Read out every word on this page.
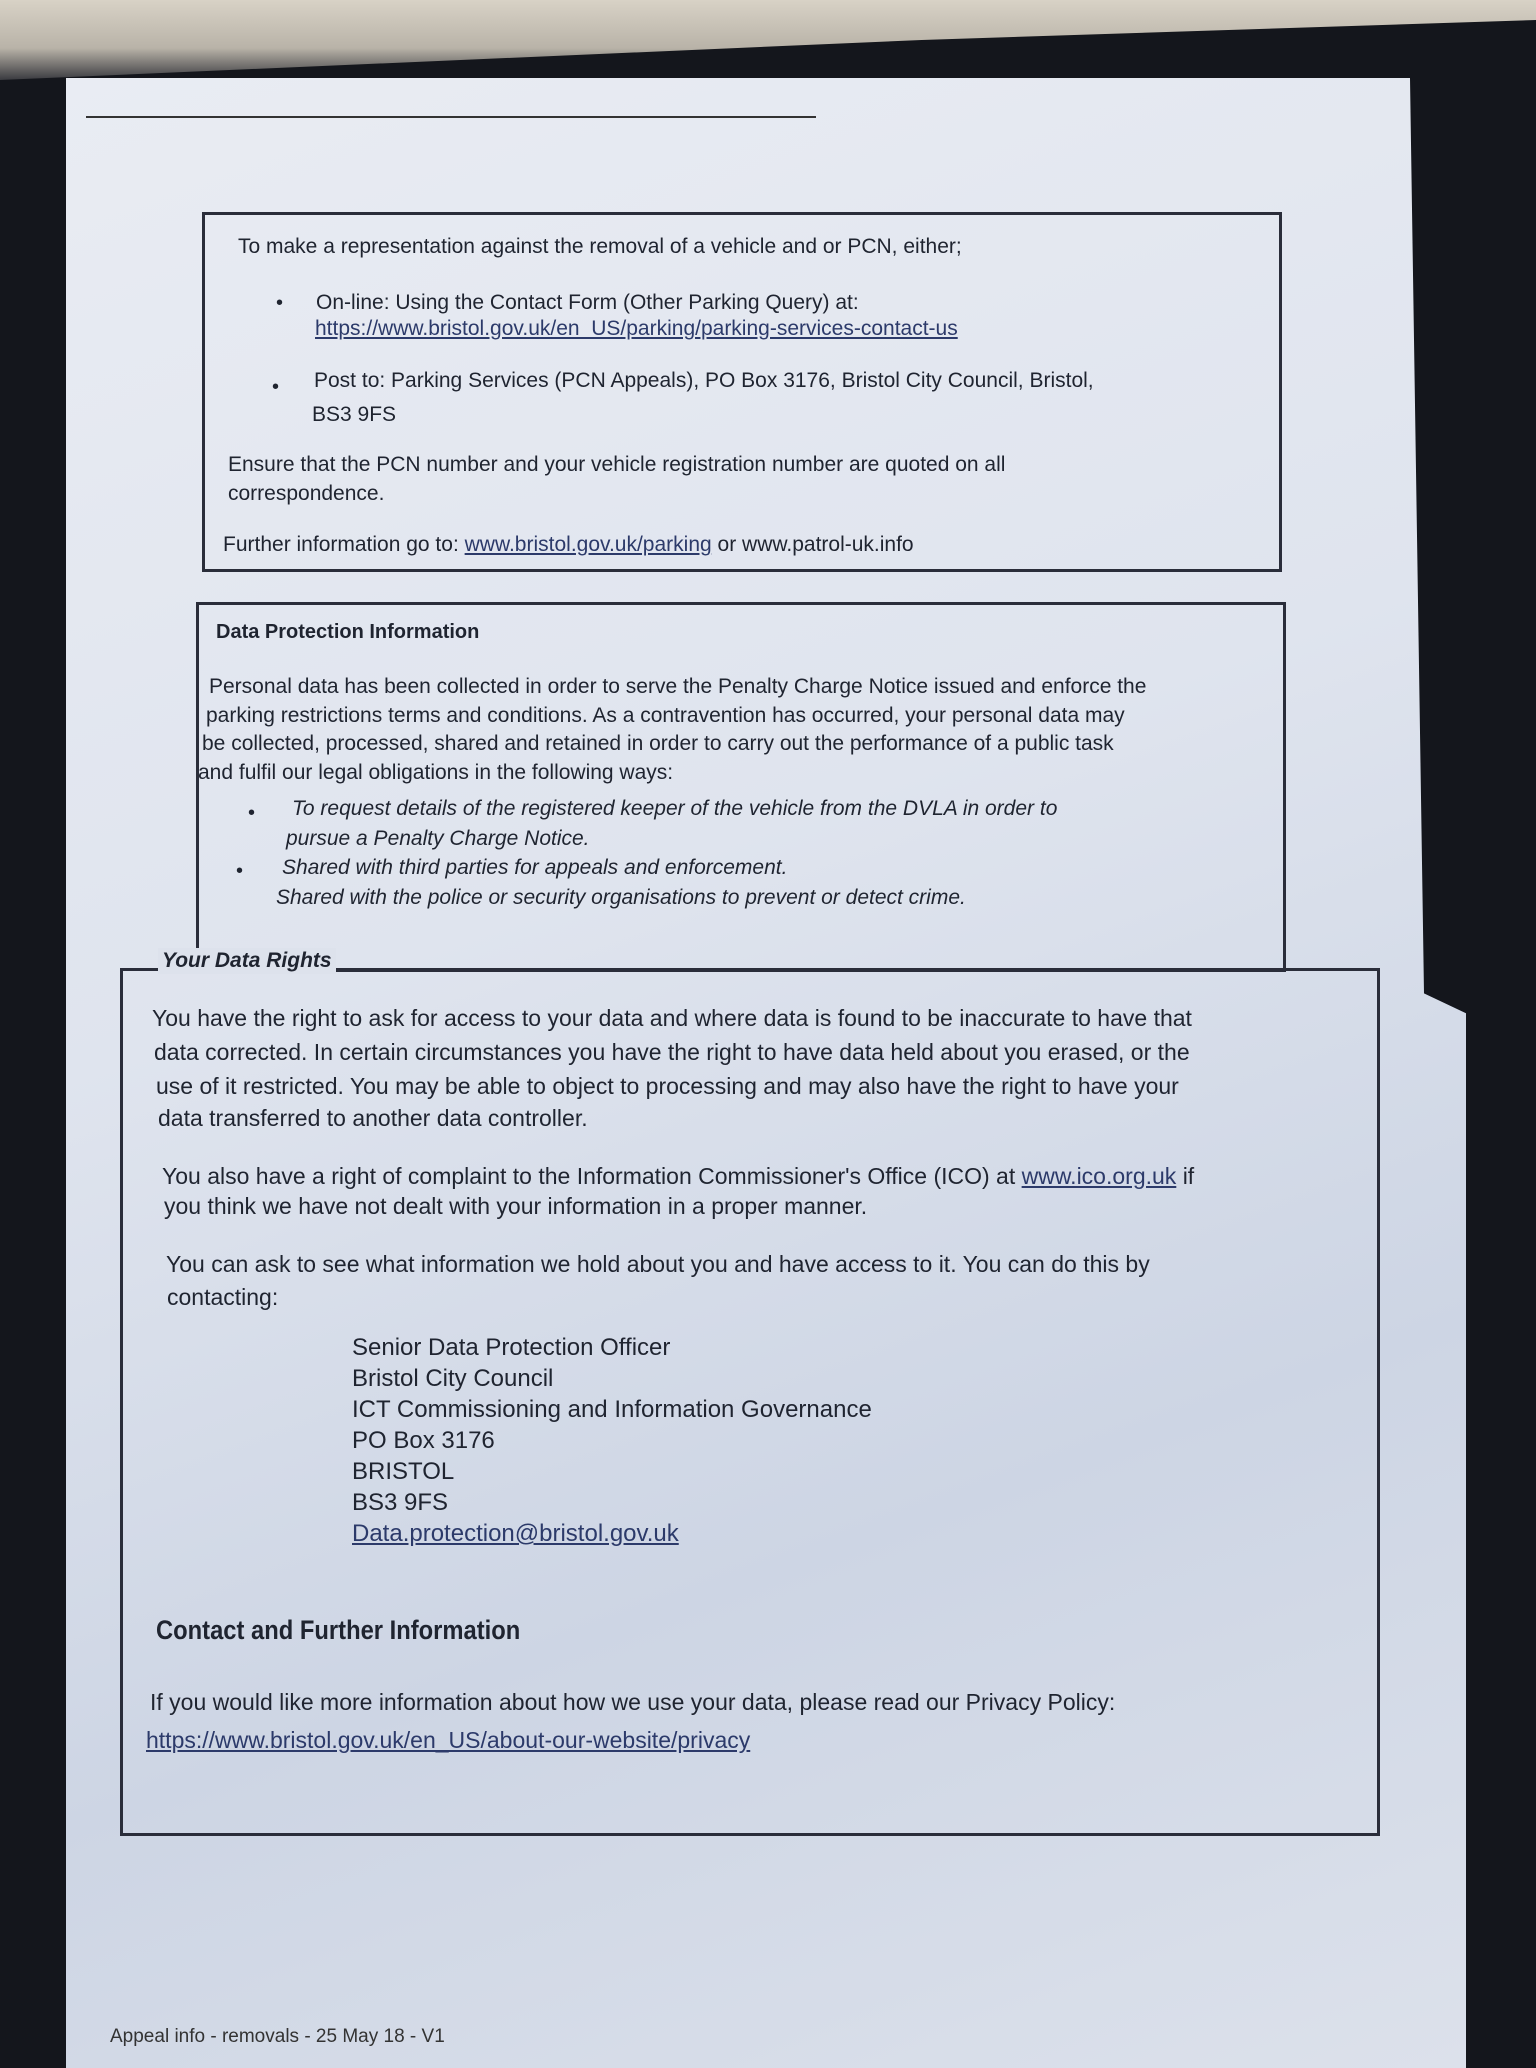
To make a representation against the removal of a vehicle and or PCN, either;
• On-line: Using the Contact Form (Other Parking Query) at:
https://www.bristol.gov.uk/en_US/parking/parking-services-contact-us
• Post to: Parking Services (PCN Appeals), PO Box 3176, Bristol City Council, Bristol,
BS3 9FS
Ensure that the PCN number and your vehicle registration number are quoted on all
correspondence.
Further information go to: www.bristol.gov.uk/parking or www.patrol-uk.info
Data Protection Information
Personal data has been collected in order to serve the Penalty Charge Notice issued and enforce the
parking restrictions terms and conditions. As a contravention has occurred, your personal data may
be collected, processed, shared and retained in order to carry out the performance of a public task
and fulfil our legal obligations in the following ways:
• To request details of the registered keeper of the vehicle from the DVLA in order to
pursue a Penalty Charge Notice.
• Shared with third parties for appeals and enforcement.
Shared with the police or security organisations to prevent or detect crime.
Your Data Rights
You have the right to ask for access to your data and where data is found to be inaccurate to have that
data corrected. In certain circumstances you have the right to have data held about you erased, or the
use of it restricted. You may be able to object to processing and may also have the right to have your
data transferred to another data controller.
You also have a right of complaint to the Information Commissioner's Office (ICO) at www.ico.org.uk if
you think we have not dealt with your information in a proper manner.
You can ask to see what information we hold about you and have access to it. You can do this by
contacting:
Senior Data Protection Officer
Bristol City Council
ICT Commissioning and Information Governance
PO Box 3176
BRISTOL
BS3 9FS
Data.protection@bristol.gov.uk
Contact and Further Information
If you would like more information about how we use your data, please read our Privacy Policy:
https://www.bristol.gov.uk/en_US/about-our-website/privacy
Appeal info - removals - 25 May 18 - V1
